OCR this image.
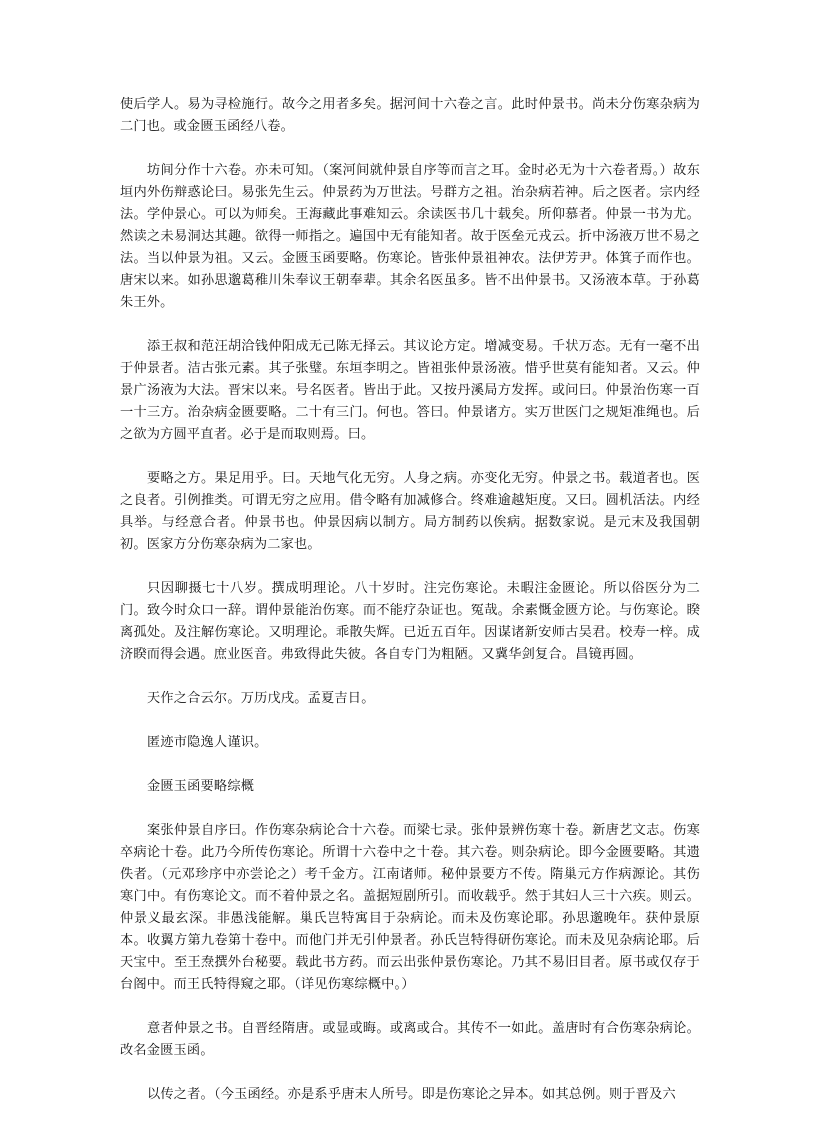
使后学人。易为寻检施行。故今之用者多矣。据河间十六卷之言。此时仲景书。尚未分伤寒杂病为二门也。或金匮玉函经八卷。

坊间分作十六卷。亦未可知。（案河间就仲景自序等而言之耳。金时必无为十六卷者焉。）故东垣内外伤辩惑论曰。易张先生云。仲景药为万世法。号群方之祖。治杂病若神。后之医者。宗内经法。学仲景心。可以为师矣。王海藏此事难知云。余读医书几十载矣。所仰慕者。仲景一书为尤。然读之未易洞达其趣。欲得一师指之。遍国中无有能知者。故于医垒元戎云。折中汤液万世不易之法。当以仲景为祖。又云。金匮玉函要略。伤寒论。皆张仲景祖神农。法伊芳尹。体箕子而作也。唐宋以来。如孙思邈葛稚川朱奉议王朝奉辈。其余名医虽多。皆不出仲景书。又汤液本草。于孙葛朱王外。

添王叔和范汪胡洽钱仲阳成无己陈无择云。其议论方定。增减变易。千状万态。无有一毫不出于仲景者。洁古张元素。其子张璧。东垣李明之。皆祖张仲景汤液。惜乎世莫有能知者。又云。仲景广汤液为大法。晋宋以来。号名医者。皆出于此。又按丹溪局方发挥。或问曰。仲景治伤寒一百一十三方。治杂病金匮要略。二十有三门。何也。答曰。仲景诸方。实万世医门之规矩准绳也。后之欲为方圆平直者。必于是而取则焉。曰。

要略之方。果足用乎。曰。天地气化无穷。人身之病。亦变化无穷。仲景之书。载道者也。医之良者。引例推类。可谓无穷之应用。借令略有加减修合。终难逾越矩度。又曰。圆机活法。内经具举。与经意合者。仲景书也。仲景因病以制方。局方制药以俟病。据数家说。是元末及我国朝初。医家方分伤寒杂病为二家也。

只因聊摄七十八岁。撰成明理论。八十岁时。注完伤寒论。未暇注金匮论。所以俗医分为二门。致今时众口一辞。谓仲景能治伤寒。而不能疗杂证也。冤哉。余素慨金匮方论。与伤寒论。睽离孤处。及注解伤寒论。又明理论。乖散失辉。已近五百年。因谋诸新安师古吴君。校寿一梓。成济睽而得会遇。庶业医音。弗致得此失彼。各自专门为粗陋。又冀华剑复合。昌镜再圆。

天作之合云尔。万历戊戌。孟夏吉日。

匿迹市隐逸人谨识。

金匮玉函要略综概

案张仲景自序曰。作伤寒杂病论合十六卷。而梁七录。张仲景辨伤寒十卷。新唐艺文志。伤寒卒病论十卷。此乃今所传伤寒论。所谓十六卷中之十卷。其六卷。则杂病论。即今金匮要略。其遗佚者。（元邓珍序中亦尝论之）考千金方。江南诸师。秘仲景要方不传。隋巢元方作病源论。其伤寒门中。有伤寒论文。而不着仲景之名。盖据短剧所引。而收载乎。然于其妇人三十六疾。则云。仲景义最玄深。非愚浅能解。巢氏岂特寓目于杂病论。而未及伤寒论耶。孙思邈晚年。获仲景原本。收翼方第九卷第十卷中。而他门并无引仲景者。孙氏岂特得研伤寒论。而未及见杂病论耶。后天宝中。至王焘撰外台秘要。载此书方药。而云出张仲景伤寒论。乃其不易旧目者。原书或仅存于台阁中。而王氏特得窥之耶。（详见伤寒综概中。）

意者仲景之书。自晋经隋唐。或显或晦。或离或合。其传不一如此。盖唐时有合伤寒杂病论。改名金匮玉函。

以传之者。（今玉函经。亦是系乎唐末人所号。即是伤寒论之异本。如其总例。则于晋及六
